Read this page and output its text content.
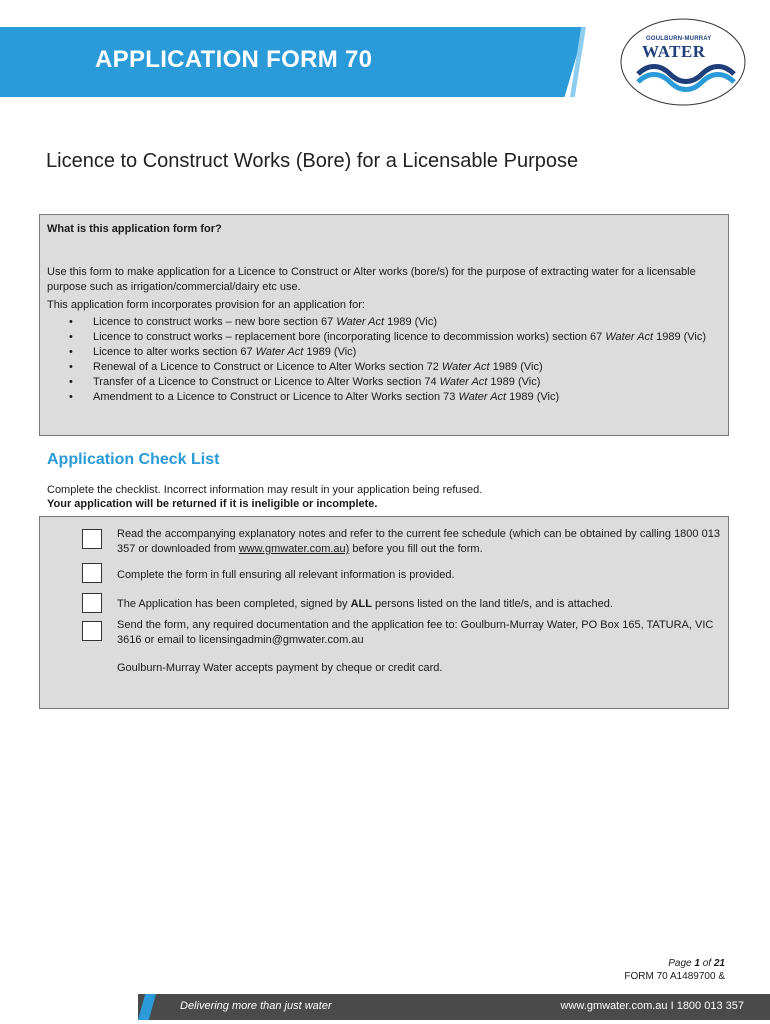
APPLICATION FORM 70
GOULBURN-MURRAY
WATER
Licence to Construct Works (Bore) for a Licensable Purpose

What is this application form for?

Use this form to make application for a Licence to Construct or Alter works (bore/s) for the purpose of extracting water for a licensable purpose such as irrigation/commercial/dairy etc use.

This application form incorporates provision for an application for:

• Licence to construct works – new bore section 67 Water Act 1989 (Vic)
• Licence to construct works – replacement bore (incorporating licence to decommission works) section 67 Water Act 1989 (Vic)
• Licence to alter works section 67 Water Act 1989 (Vic)
• Renewal of a Licence to Construct or Licence to Alter Works section 72 Water Act 1989 (Vic)
• Transfer of a Licence to Construct or Licence to Alter Works section 74 Water Act 1989 (Vic)
• Amendment to a Licence to Construct or Licence to Alter Works section 73 Water Act 1989 (Vic)
Application Check List

Complete the checklist. Incorrect information may result in your application being refused.
Your application will be returned if it is ineligible or incomplete.

Read the accompanying explanatory notes and refer to the current fee schedule (which can be obtained by calling 1800 013 357 or downloaded from www.gmwater.com.au) before you fill out the form.

Complete the form in full ensuring all relevant information is provided.

The Application has been completed, signed by ALL persons listed on the land title/s, and is attached.

Send the form, any required documentation and the application fee to: Goulburn-Murray Water, PO Box 165, TATURA, VIC 3616 or email to licensingadmin@gmwater.com.au

Goulburn-Murray Water accepts payment by cheque or credit card.

Page 1 of 21
FORM 70 A1489700 &
Delivering more than just water	www.gmwater.com.au I 1800 013 357
